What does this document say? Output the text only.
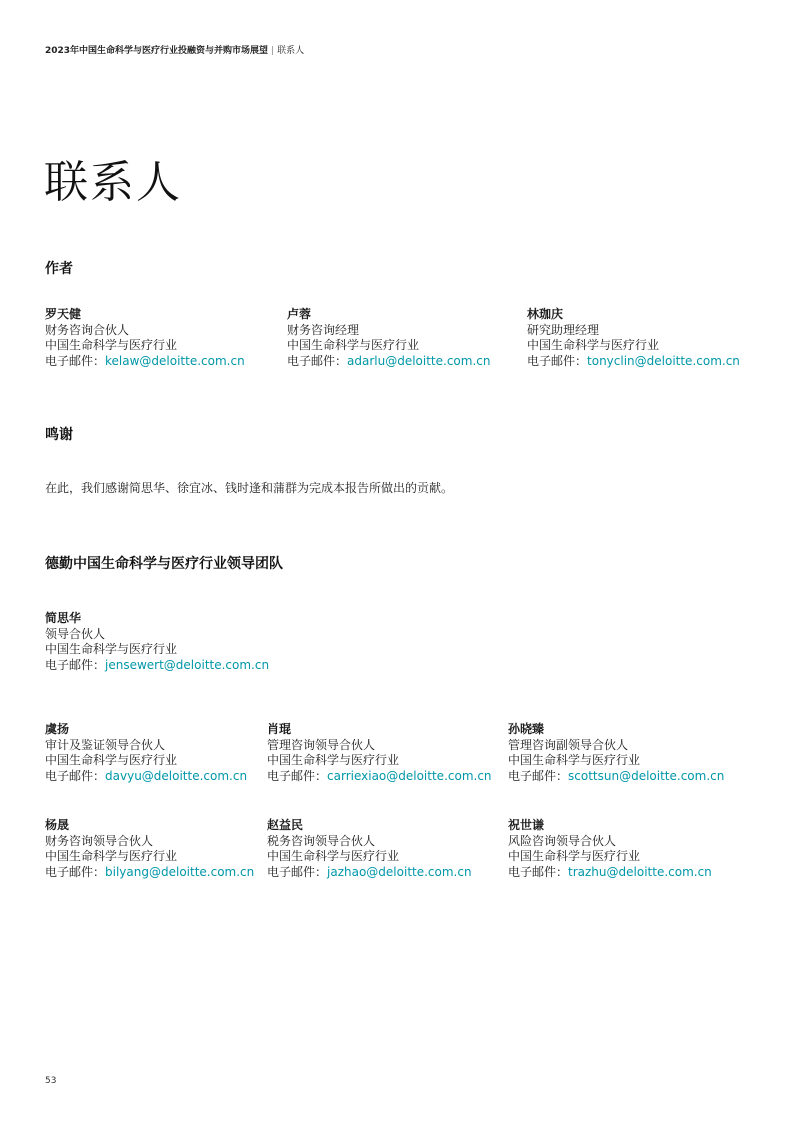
2023年中国生命科学与医疗行业投融资与并购市场展望 | 联系人
联系人
作者
罗天健
财务咨询合伙人
中国生命科学与医疗行业
电子邮件：kelaw@deloitte.com.cn
卢蓉
财务咨询经理
中国生命科学与医疗行业
电子邮件：adarlu@deloitte.com.cn
林珈庆
研究助理经理
中国生命科学与医疗行业
电子邮件：tonyclin@deloitte.com.cn
鸣谢
在此，我们感谢简思华、徐宜冰、钱时逢和蒲群为完成本报告所做出的贡献。
德勤中国生命科学与医疗行业领导团队
简思华
领导合伙人
中国生命科学与医疗行业
电子邮件：jensewert@deloitte.com.cn
虞扬
审计及鉴证领导合伙人
中国生命科学与医疗行业
电子邮件：davyu@deloitte.com.cn
肖琨
管理咨询领导合伙人
中国生命科学与医疗行业
电子邮件：carriexiao@deloitte.com.cn
孙晓臻
管理咨询副领导合伙人
中国生命科学与医疗行业
电子邮件：scottsun@deloitte.com.cn
杨晟
财务咨询领导合伙人
中国生命科学与医疗行业
电子邮件：bilyang@deloitte.com.cn
赵益民
税务咨询领导合伙人
中国生命科学与医疗行业
电子邮件：jazhao@deloitte.com.cn
祝世谦
风险咨询领导合伙人
中国生命科学与医疗行业
电子邮件：trazhu@deloitte.com.cn
53
